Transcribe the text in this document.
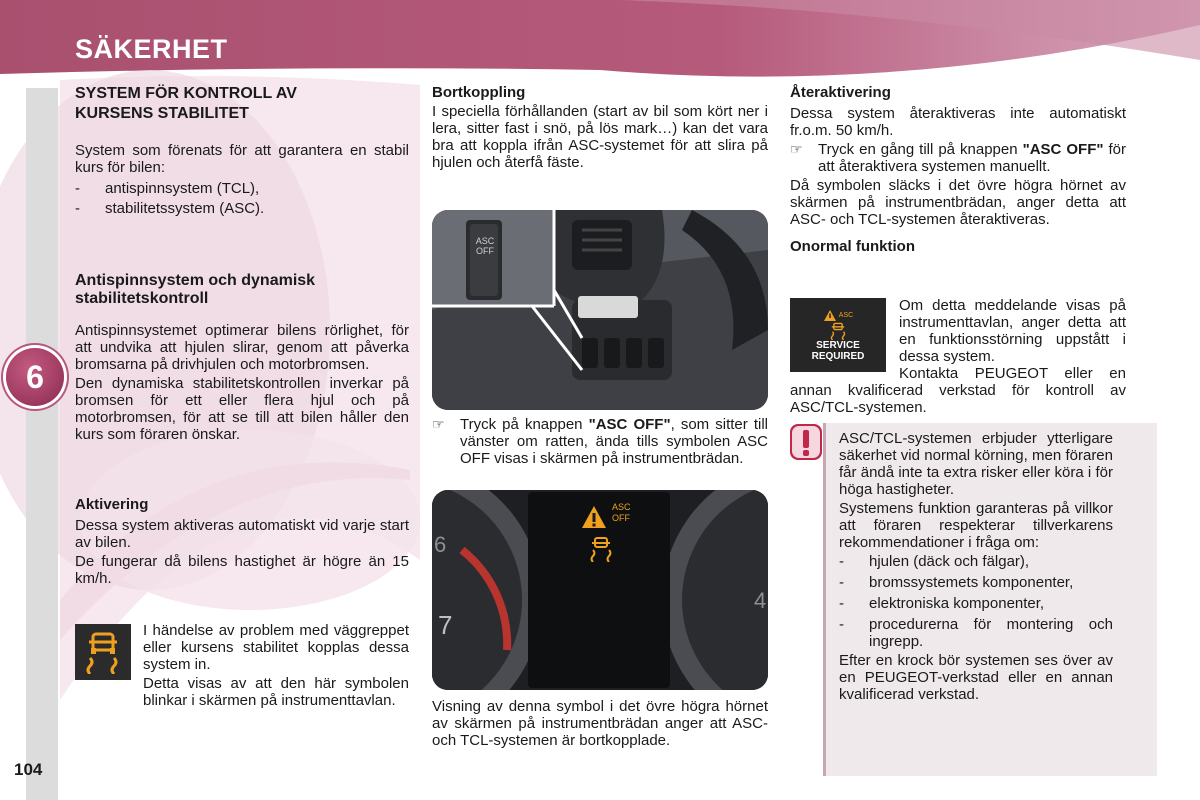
SÄKERHET
6
104
SYSTEM FÖR KONTROLL AV
KURSENS STABILITET

System som förenats för att garantera en stabil kurs för bilen:

-	antispinnsystem (TCL),
-	stabilitetssystem (ASC).
Antispinnsystem och dynamisk
stabilitetskontroll

Antispinnsystemet optimerar bilens rörlighet, för att undvika att hjulen slirar, genom att påverka bromsarna på drivhjulen och motorbromsen.

Den dynamiska stabilitetskontrollen inverkar på bromsen för ett eller flera hjul och på motorbromsen, för att se till att bilen håller den kurs som föraren önskar.

Aktivering

Dessa system aktiveras automatiskt vid varje start av bilen.

De fungerar då bilens hastighet är högre än 15 km/h.

I händelse av problem med väggreppet eller kursens stabilitet kopplas dessa system in.

Detta visas av att den här symbolen blinkar i skärmen på instrumenttavlan.

Bortkoppling

I speciella förhållanden (start av bil som kört ner i lera, sitter fast i snö, på lös mark…) kan det vara bra att koppla ifrån ASC-systemet för att slira på hjulen och återfå fäste.

ASC
OFF
☞	Tryck på knappen "ASC OFF", som sitter till vänster om ratten, ända tills symbolen ASC OFF visas i skärmen på instrumentbrädan.
ASC
OFF
7
6
4

Visning av denna symbol i det övre högra hörnet av skärmen på instrumentbrädan anger att ASC- och TCL-systemen är bortkopplade.

Återaktivering

Dessa system återaktiveras inte automatiskt fr.o.m. 50 km/h.

☞	Tryck en gång till på knappen "ASC OFF" för att återaktivera systemen manuellt.

Då symbolen släcks i det övre högra hörnet av skärmen på instrumentbrädan, anger detta att ASC- och TCL-systemen återaktiveras.

Onormal funktion
ASC
SERVICE
REQUIRED

Om detta meddelande visas på instrumenttavlan, anger detta att en funktionsstörning uppstått i dessa system.

Kontakta PEUGEOT eller en annan kvalificerad verkstad för kontroll av ASC/TCL-systemen.

ASC/TCL-systemen erbjuder ytterligare säkerhet vid normal körning, men föraren får ändå inte ta extra risker eller köra i för höga hastigheter.

Systemens funktion garanteras på villkor att föraren respekterar tillverkarens rekommendationer i fråga om:

-	hjulen (däck och fälgar),
-	bromssystemets komponenter,
-	elektroniska komponenter,
-	procedurerna för montering och ingrepp.

Efter en krock bör systemen ses över av en PEUGEOT-verkstad eller en annan kvalificerad verkstad.
